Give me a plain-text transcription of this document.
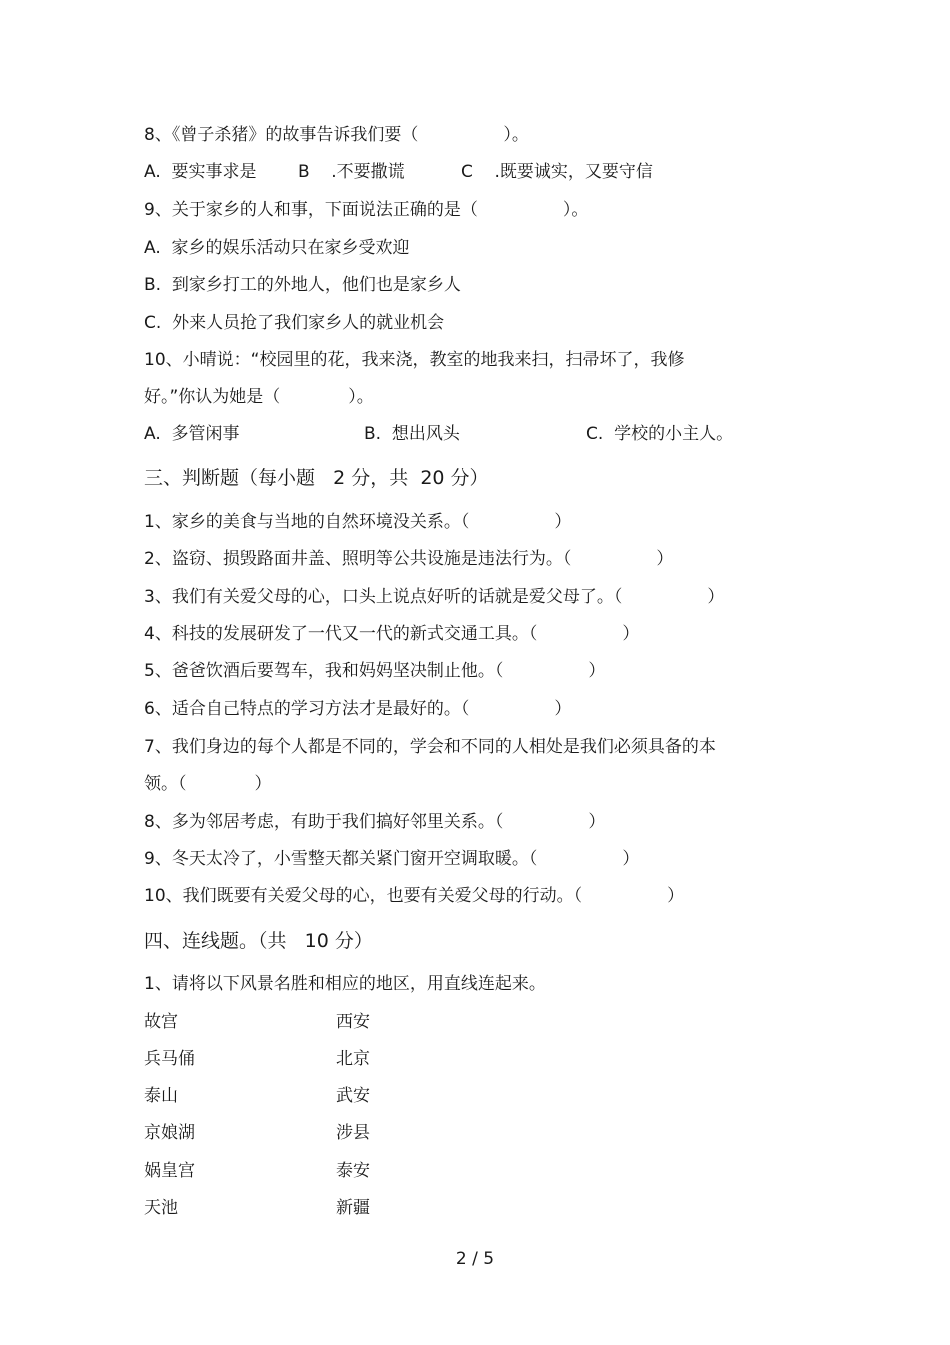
8、《曾子杀猪》的故事告诉我们要（　　　　　）。
A.  要实事求是 B    .不要撒谎	C    .既要诚实，又要守信
9、关于家乡的人和事，下面说法正确的是（　　　　　）。
A.  家乡的娱乐活动只在家乡受欢迎
B.  到家乡打工的外地人，他们也是家乡人
C.  外来人员抢了我们家乡人的就业机会
10、小晴说：“校园里的花，我来浇，教室的地我来扫，扫帚坏了，我修
好。”你认为她是（　　　　）。
A.  多管闲事	B.  想出风头	C.  学校的小主人。
三、判断题（每小题   2 分，共  20 分）
1、家乡的美食与当地的自然环境没关系。（　　　　　）
2、盗窃、损毁路面井盖、照明等公共设施是违法行为。（　　　　　）
3、我们有关爱父母的心，口头上说点好听的话就是爱父母了。（　　　　　）
4、科技的发展研发了一代又一代的新式交通工具。（　　　　　）
5、爸爸饮酒后要驾车，我和妈妈坚决制止他。（　　　　　）
6、适合自己特点的学习方法才是最好的。（　　　　　）
7、我们身边的每个人都是不同的，学会和不同的人相处是我们必须具备的本
领。（　　　　）
8、多为邻居考虑，有助于我们搞好邻里关系。（　　　　　）
9、冬天太冷了，小雪整天都关紧门窗开空调取暖。（　　　　　）
10、我们既要有关爱父母的心，也要有关爱父母的行动。（　　　　　）
四、连线题。（共   10 分）
1、请将以下风景名胜和相应的地区，用直线连起来。
故宫	西安
兵马俑	北京
泰山	武安
京娘湖	涉县
娲皇宫	泰安
天池	新疆
2 / 5
